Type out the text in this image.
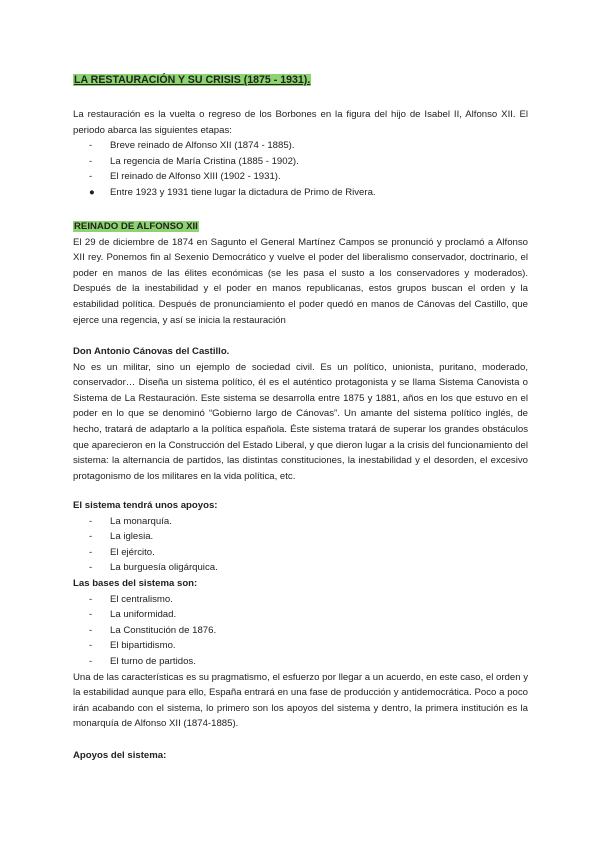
LA RESTAURACIÓN Y SU CRISIS (1875 - 1931).

La restauración es la vuelta o regreso de los Borbones en la figura del hijo de Isabel II, Alfonso XII. El periodo abarca las siguientes etapas:

- Breve reinado de Alfonso XII (1874 - 1885).
- La regencia de María Cristina (1885 - 1902).
- El reinado de Alfonso XIII (1902 - 1931).
● Entre 1923 y 1931 tiene lugar la dictadura de Primo de Rivera.

REINADO DE ALFONSO XII

El 29 de diciembre de 1874 en Sagunto el General Martínez Campos se pronunció y proclamó a Alfonso XII rey. Ponemos fin al Sexenio Democrático y vuelve el poder del liberalismo conservador, doctrinario, el poder en manos de las élites económicas (se les pasa el susto a los conservadores y moderados). Después de la inestabilidad y el poder en manos republicanas, estos grupos buscan el orden y la estabilidad política. Después de pronunciamiento el poder quedó en manos de Cánovas del Castillo, que ejerce una regencia, y así se inicia la restauración

Don Antonio Cánovas del Castillo.

No es un militar, sino un ejemplo de sociedad civil. Es un político, unionista, puritano, moderado, conservador… Diseña un sistema político, él es el auténtico protagonista y se llama Sistema Canovista o Sistema de La Restauración. Este sistema se desarrolla entre 1875 y 1881, años en los que estuvo en el poder en lo que se denominó “Gobierno largo de Cánovas”. Un amante del sistema político inglés, de hecho, tratará de adaptarlo a la política española. Éste sistema tratará de superar los grandes obstáculos que aparecieron en la Construcción del Estado Liberal, y que dieron lugar a la crisis del funcionamiento del sistema: la alternancia de partidos, las distintas constituciones, la inestabilidad y el desorden, el excesivo protagonismo de los militares en la vida política, etc.

El sistema tendrá unos apoyos:

- La monarquía.
- La iglesia.
- El ejército.
- La burguesía oligárquica.

Las bases del sistema son:

- El centralismo.
- La uniformidad.
- La Constitución de 1876.
- El bipartidismo.
- El turno de partidos.

Una de las características es su pragmatismo, el esfuerzo por llegar a un acuerdo, en este caso, el orden y la estabilidad aunque para ello, España entrará en una fase de producción y antidemocrática. Poco a poco irán acabando con el sistema, lo primero son los apoyos del sistema y dentro, la primera institución es la monarquía de Alfonso XII (1874-1885).

Apoyos del sistema:
